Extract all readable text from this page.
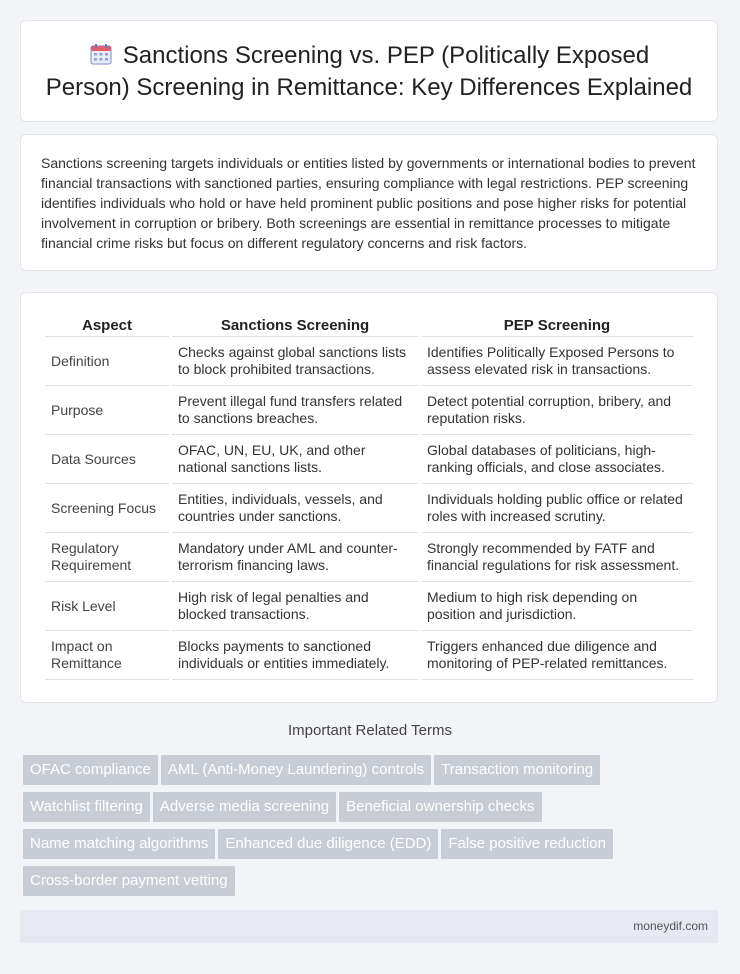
Sanctions Screening vs. PEP (Politically Exposed Person) Screening in Remittance: Key Differences Explained

Sanctions screening targets individuals or entities listed by governments or international bodies to prevent financial transactions with sanctioned parties, ensuring compliance with legal restrictions. PEP screening identifies individuals who hold or have held prominent public positions and pose higher risks for potential involvement in corruption or bribery. Both screenings are essential in remittance processes to mitigate financial crime risks but focus on different regulatory concerns and risk factors.

Aspect	Sanctions Screening	PEP Screening
Definition	Checks against global sanctions lists to block prohibited transactions.	Identifies Politically Exposed Persons to assess elevated risk in transactions.
Purpose	Prevent illegal fund transfers related to sanctions breaches.	Detect potential corruption, bribery, and reputation risks.
Data Sources	OFAC, UN, EU, UK, and other national sanctions lists.	Global databases of politicians, high-ranking officials, and close associates.
Screening Focus	Entities, individuals, vessels, and countries under sanctions.	Individuals holding public office or related roles with increased scrutiny.
Regulatory Requirement	Mandatory under AML and counter-terrorism financing laws.	Strongly recommended by FATF and financial regulations for risk assessment.
Risk Level	High risk of legal penalties and blocked transactions.	Medium to high risk depending on position and jurisdiction.
Impact on Remittance	Blocks payments to sanctioned individuals or entities immediately.	Triggers enhanced due diligence and monitoring of PEP-related remittances.
Important Related Terms
OFAC compliance AML (Anti-Money Laundering) controls Transaction monitoringWatchlist filtering Adverse media screening Beneficial ownership checksName matching algorithms Enhanced due diligence (EDD) False positive reductionCross-border payment vetting
moneydif.com
